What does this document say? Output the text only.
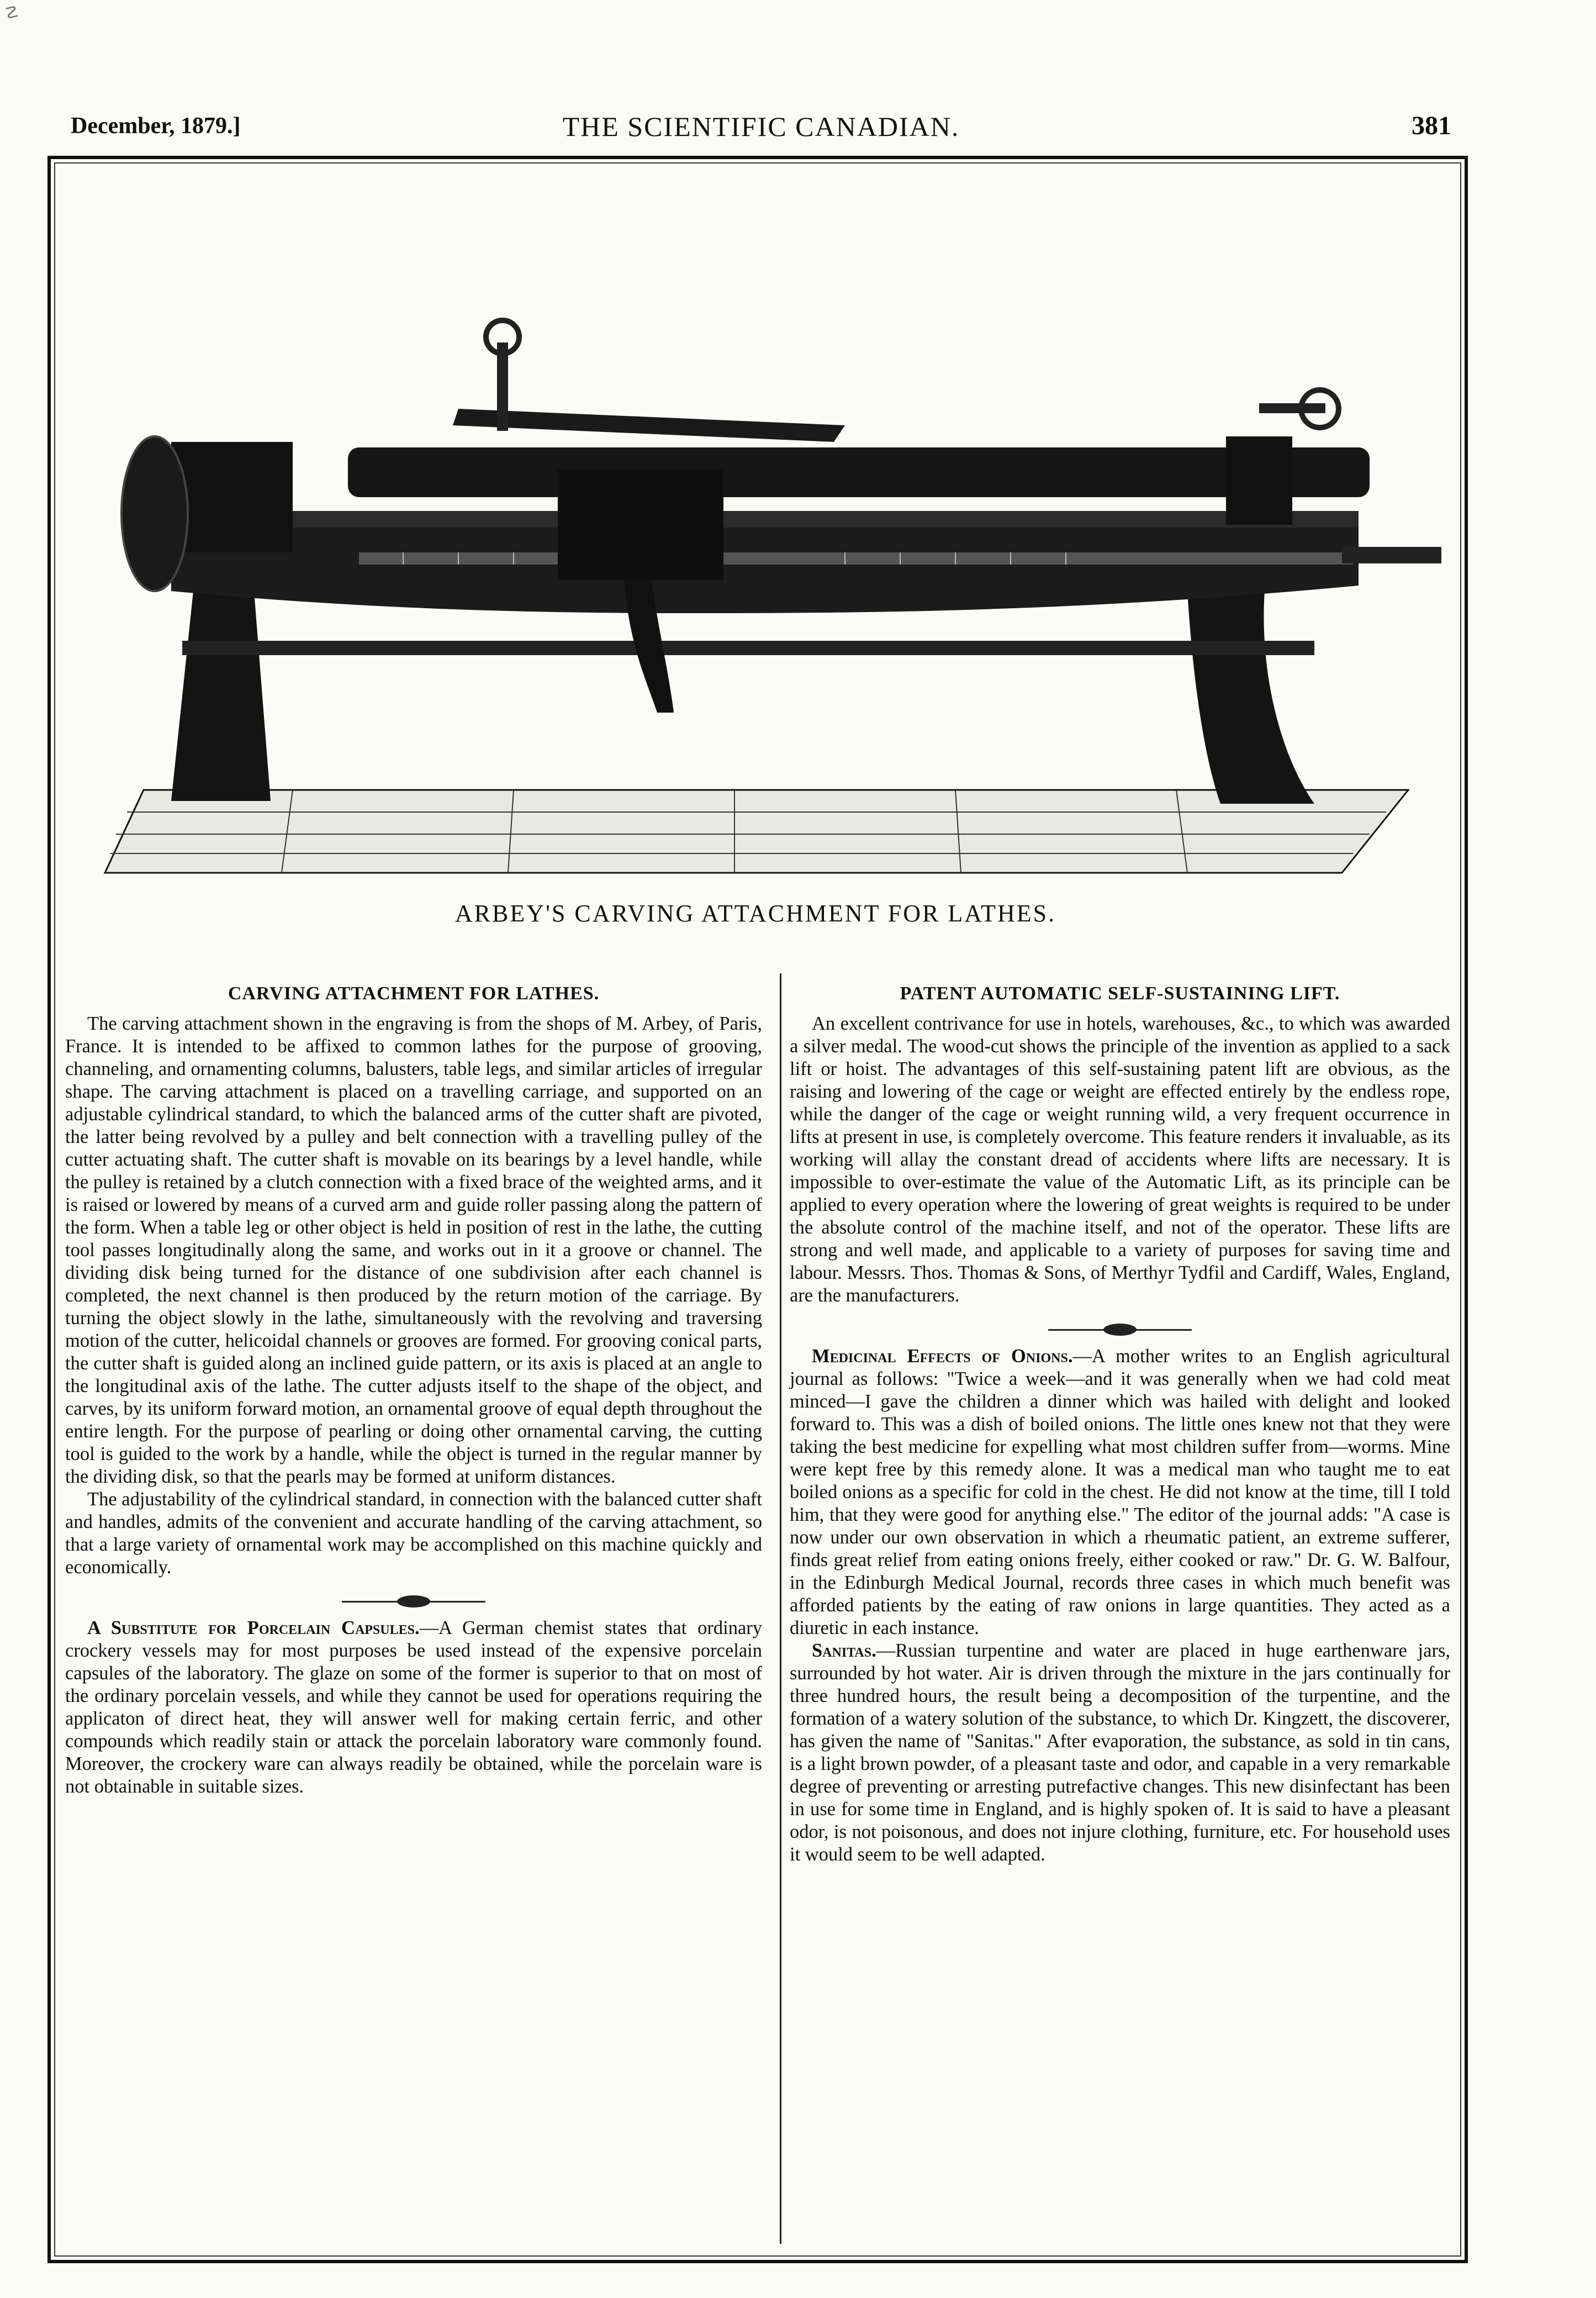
☡
December, 1879.]	THE SCIENTIFIC CANADIAN.	381
ARBEY'S CARVING ATTACHMENT FOR LATHES.
CARVING ATTACHMENT FOR LATHES.

The carving attachment shown in the engraving is from the shops of M. Arbey, of Paris, France. It is intended to be affixed to common lathes for the purpose of grooving, channeling, and ornamenting columns, balusters, table legs, and similar articles of irregular shape. The carving attachment is placed on a travelling carriage, and supported on an adjustable cylindrical standard, to which the balanced arms of the cutter shaft are pivoted, the latter being revolved by a pulley and belt connection with a travelling pulley of the cutter actuating shaft. The cutter shaft is movable on its bearings by a level handle, while the pulley is retained by a clutch connection with a fixed brace of the weighted arms, and it is raised or lowered by means of a curved arm and guide roller passing along the pattern of the form. When a table leg or other object is held in position of rest in the lathe, the cutting tool passes longitudinally along the same, and works out in it a groove or channel. The dividing disk being turned for the distance of one subdivision after each channel is completed, the next channel is then produced by the return motion of the carriage. By turning the object slowly in the lathe, simultaneously with the revolving and traversing motion of the cutter, helicoidal channels or grooves are formed. For grooving conical parts, the cutter shaft is guided along an inclined guide pattern, or its axis is placed at an angle to the longitudinal axis of the lathe. The cutter adjusts itself to the shape of the object, and carves, by its uniform forward motion, an ornamental groove of equal depth throughout the entire length. For the purpose of pearling or doing other ornamental carving, the cutting tool is guided to the work by a handle, while the object is turned in the regular manner by the dividing disk, so that the pearls may be formed at uniform distances.

The adjustability of the cylindrical standard, in connection with the balanced cutter shaft and handles, admits of the convenient and accurate handling of the carving attachment, so that a large variety of ornamental work may be accomplished on this machine quickly and economically.

A Substitute for Porcelain Capsules.—A German chemist states that ordinary crockery vessels may for most purposes be used instead of the expensive porcelain capsules of the laboratory. The glaze on some of the former is superior to that on most of the ordinary porcelain vessels, and while they cannot be used for operations requiring the applicaton of direct heat, they will answer well for making certain ferric, and other compounds which readily stain or attack the porcelain laboratory ware commonly found. Moreover, the crockery ware can always readily be obtained, while the porcelain ware is not obtainable in suitable sizes.

PATENT AUTOMATIC SELF-SUSTAINING LIFT.

An excellent contrivance for use in hotels, warehouses, &c., to which was awarded a silver medal. The wood-cut shows the principle of the invention as applied to a sack lift or hoist. The advantages of this self-sustaining patent lift are obvious, as the raising and lowering of the cage or weight are effected entirely by the endless rope, while the danger of the cage or weight running wild, a very frequent occurrence in lifts at present in use, is completely overcome. This feature renders it invaluable, as its working will allay the constant dread of accidents where lifts are necessary. It is impossible to over-estimate the value of the Automatic Lift, as its principle can be applied to every operation where the lowering of great weights is required to be under the absolute control of the machine itself, and not of the operator. These lifts are strong and well made, and applicable to a variety of purposes for saving time and labour. Messrs. Thos. Thomas & Sons, of Merthyr Tydfil and Cardiff, Wales, England, are the manufacturers.

Medicinal Effects of Onions.—A mother writes to an English agricultural journal as follows: "Twice a week—and it was generally when we had cold meat minced—I gave the children a dinner which was hailed with delight and looked forward to. This was a dish of boiled onions. The little ones knew not that they were taking the best medicine for expelling what most children suffer from—worms. Mine were kept free by this remedy alone. It was a medical man who taught me to eat boiled onions as a specific for cold in the chest. He did not know at the time, till I told him, that they were good for anything else." The editor of the journal adds: "A case is now under our own observation in which a rheumatic patient, an extreme sufferer, finds great relief from eating onions freely, either cooked or raw." Dr. G. W. Balfour, in the Edinburgh Medical Journal, records three cases in which much benefit was afforded patients by the eating of raw onions in large quantities. They acted as a diuretic in each instance.

Sanitas.—Russian turpentine and water are placed in huge earthenware jars, surrounded by hot water. Air is driven through the mixture in the jars continually for three hundred hours, the result being a decomposition of the turpentine, and the formation of a watery solution of the substance, to which Dr. Kingzett, the discoverer, has given the name of "Sanitas." After evaporation, the substance, as sold in tin cans, is a light brown powder, of a pleasant taste and odor, and capable in a very remarkable degree of preventing or arresting putrefactive changes. This new disinfectant has been in use for some time in England, and is highly spoken of. It is said to have a pleasant odor, is not poisonous, and does not injure clothing, furniture, etc. For household uses it would seem to be well adapted.
